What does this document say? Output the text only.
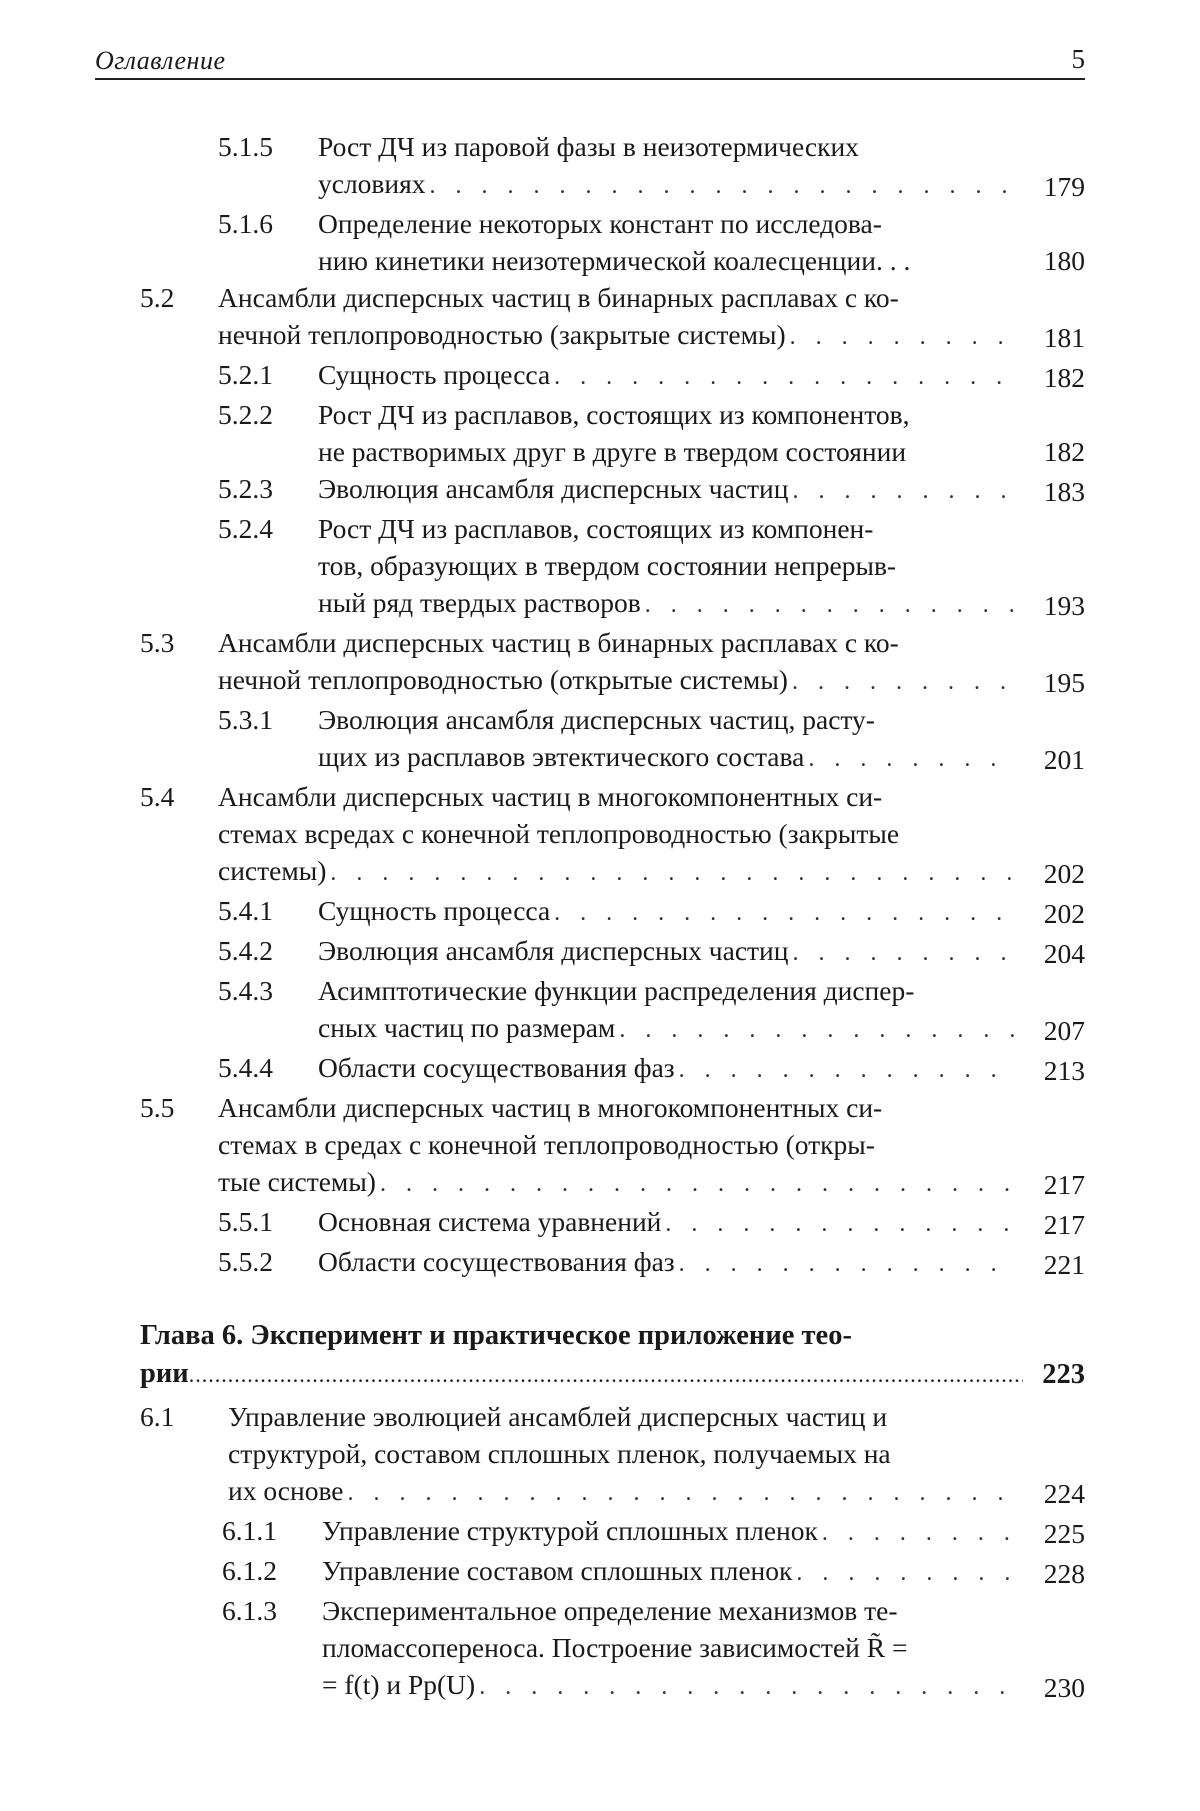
Оглавление	5
5.1.5 Рост ДЧ из паровой фазы в неизотермических
условиях . . .	179
5.1.6 Определение некоторых констант по исследова-
нию кинетики неизотермической коалесценции. . .	180
5.2 Ансамбли дисперсных частиц в бинарных расплавах с ко-
нечной теплопроводностью (закрытые системы) . . .	181
5.2.1 Сущность процесса . . .	182
5.2.2 Рост ДЧ из расплавов, состоящих из компонентов,
не растворимых друг в друге в твердом состоянии	182
5.2.3 Эволюция ансамбля дисперсных частиц . . .	183
5.2.4 Рост ДЧ из расплавов, состоящих из компонен-
тов, образующих в твердом состоянии непрерыв-
ный ряд твердых растворов . . .	193
5.3 Ансамбли дисперсных частиц в бинарных расплавах с ко-
нечной теплопроводностью (открытые системы) . . .	195
5.3.1 Эволюция ансамбля дисперсных частиц, расту-
щих из расплавов эвтектического состава . . .	201
5.4 Ансамбли дисперсных частиц в многокомпонентных си-
стемах всредах с конечной теплопроводностью (закрытые
системы) . . .	202
5.4.1 Сущность процесса . . .	202
5.4.2 Эволюция ансамбля дисперсных частиц . . .	204
5.4.3 Асимптотические функции распределения диспер-
сных частиц по размерам . . .	207
5.4.4 Области сосуществования фаз . . .	213
5.5 Ансамбли дисперсных частиц в многокомпонентных си-
стемах в средах с конечной теплопроводностью (откры-
тые системы) . . .	217
5.5.1 Основная система уравнений . . .	217
5.5.2 Области сосуществования фаз . . .	221
Глава 6. Эксперимент и практическое приложение тео-
рии .....	223
6.1 Управление эволюцией ансамблей дисперсных частиц и
структурой, составом сплошных пленок, получаемых на
их основе . . .	224
6.1.1 Управление структурой сплошных пленок . . .	225
6.1.2 Управление составом сплошных пленок . . .	228
6.1.3 Экспериментальное определение механизмов те-
пломассопереноса. Построение зависимостей R̃ =
= f(t) и Pp(U) . . .	230
